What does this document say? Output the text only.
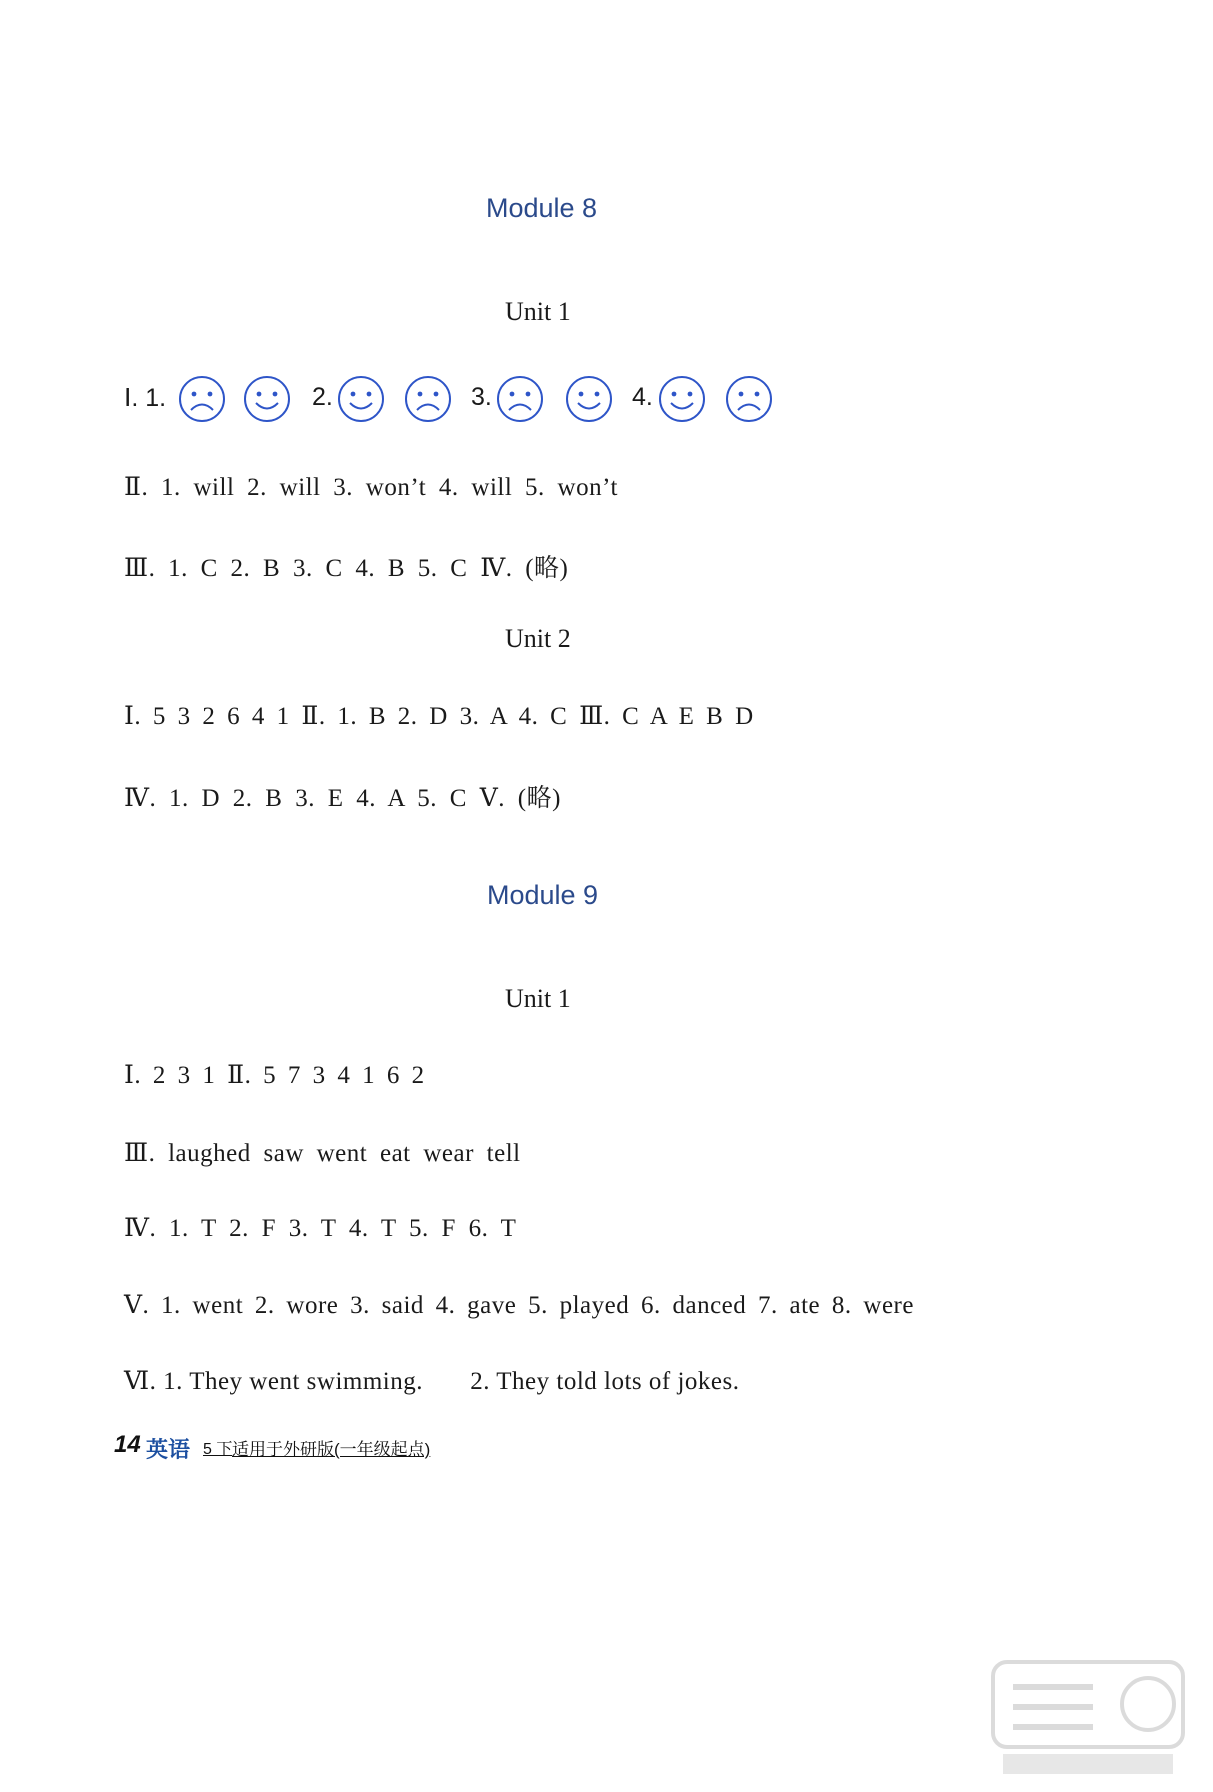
Module 8
Unit 1
Ⅰ. 1.	2.	3.	4.
Ⅱ. 1. will 2. will 3. won’t 4. will 5. won’t
Ⅲ. 1. C 2. B 3. C 4. B 5. C Ⅳ. (略)
Unit 2
Ⅰ. 5 3 2 6 4 1 Ⅱ. 1. B 2. D 3. A 4. C Ⅲ. C A E B D
Ⅳ. 1. D 2. B 3. E 4. A 5. C Ⅴ. (略)
Module 9
Unit 1
Ⅰ. 2 3 1 Ⅱ. 5 7 3 4 1 6 2
Ⅲ. laughed saw went eat wear tell
Ⅳ. 1. T 2. F 3. T 4. T 5. F 6. T
Ⅴ. 1. went 2. wore 3. said 4. gave 5. played 6. danced 7. ate 8. were
Ⅵ. 1. They went swimming.       2. They told lots of jokes.
14 英语 5 下 适用于外研版(一年级起点)
